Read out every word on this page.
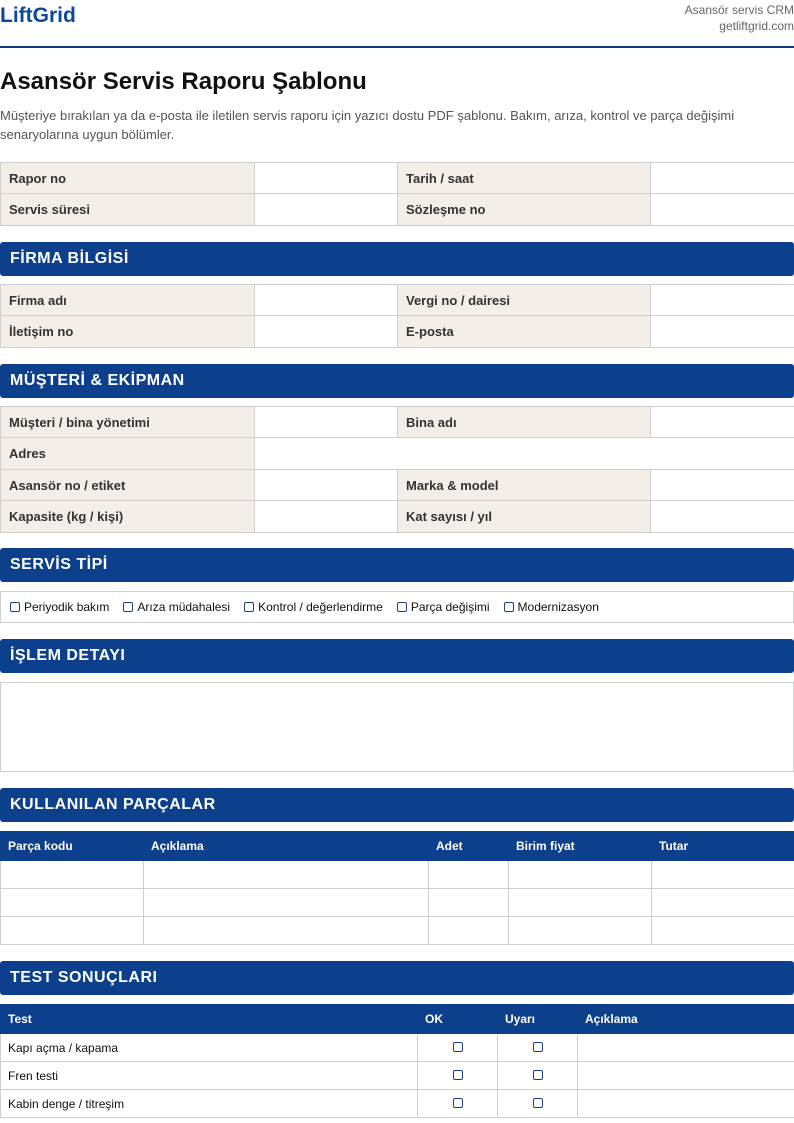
LiftGrid	Asansör servis CRM
getliftgrid.com
Asansör Servis Raporu Şablonu
Müşteriye bırakılan ya da e-posta ile iletilen servis raporu için yazıcı dostu PDF şablonu. Bakım, arıza, kontrol ve parça değişimi senaryolarına uygun bölümler.
Rapor no		Tarih / saat	
Servis süresi		Sözleşme no	
FİRMA BİLGİSİ
Firma adı		Vergi no / dairesi	
İletişim no		E-posta	
MÜŞTERİ & EKİPMAN
Müşteri / bina yönetimi		Bina adı	
Adres			
Asansör no / etiket		Marka & model	
Kapasite (kg / kişi)		Kat sayısı / yıl	
SERVİS TİPİ
Periyodik bakım Arıza müdahalesi Kontrol / değerlendirme Parça değişimi Modernizasyon
İŞLEM DETAYI
KULLANILAN PARÇALAR
Parça kodu	Açıklama	Adet	Birim fiyat	Tutar

TEST SONUÇLARI
Test	OK	Uyarı	Açıklama
Kapı açma / kapama			
Fren testi			
Kabin denge / titreşim			
